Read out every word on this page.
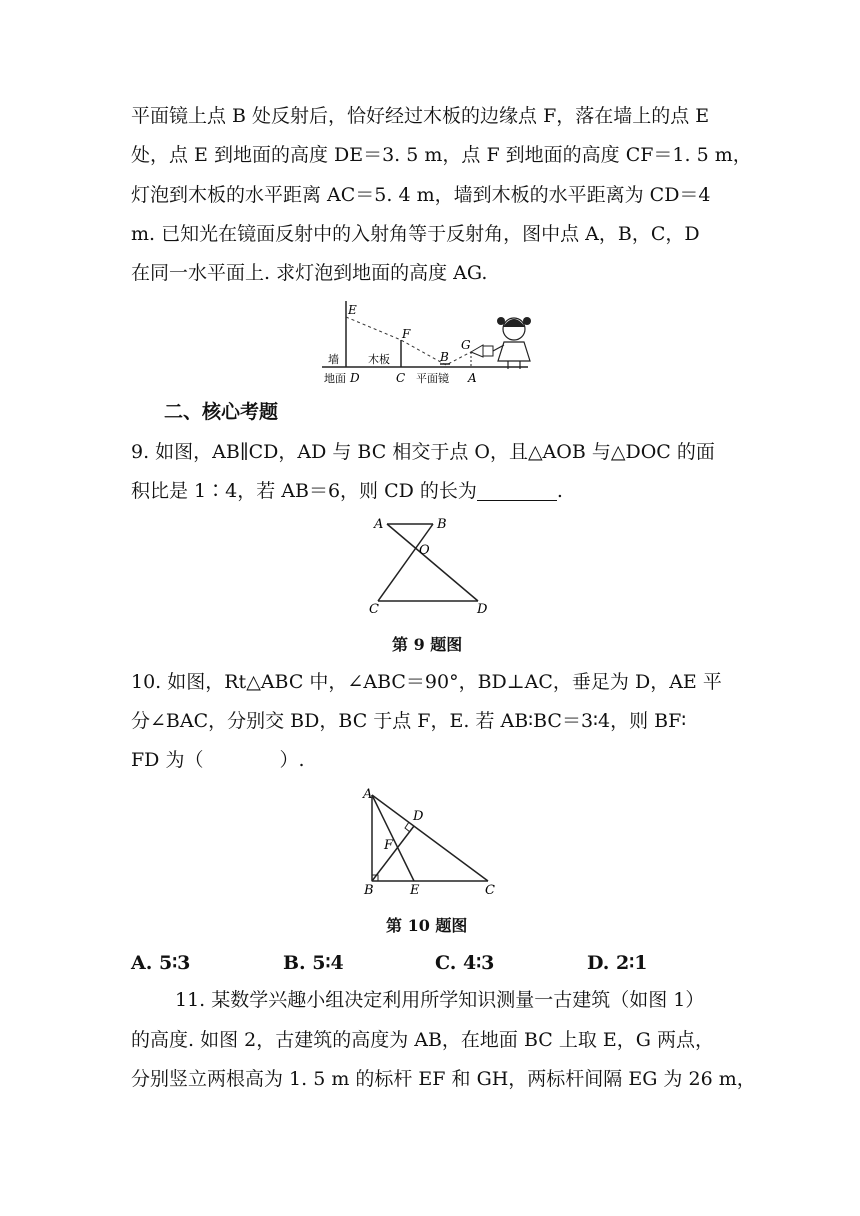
平面镜上点 B 处反射后，恰好经过木板的边缘点 F，落在墙上的点 E
处，点 E 到地面的高度 DE＝3. 5 m，点 F 到地面的高度 CF＝1. 5 m，
灯泡到木板的水平距离 AC＝5. 4 m，墙到木板的水平距离为 CD＝4
m. 已知光在镜面反射中的入射角等于反射角，图中点 A，B，C，D
在同一水平面上. 求灯泡到地面的高度 AG.
E
F
G
B
墙	木板
地面 D	C 平面镜 A
二、核心考题
9. 如图，AB∥CD，AD 与 BC 相交于点 O，且△AOB 与△DOC 的面
积比是 1∶4，若 AB＝6，则 CD 的长为	.
A	B
O
C	D
第 9 题图
10. 如图，Rt△ABC 中，∠ABC＝90°，BD⊥AC，垂足为 D，AE 平
分∠BAC，分别交 BD，BC 于点 F，E. 若 AB∶BC＝3∶4，则 BF∶
FD 为（　　　　）.
A
D
F
B	E	C
第 10 题图
A. 5∶3	B. 5∶4	C. 4∶3	D. 2∶1
11. 某数学兴趣小组决定利用所学知识测量一古建筑（如图 1）
的高度. 如图 2，古建筑的高度为 AB，在地面 BC 上取 E，G 两点，
分别竖立两根高为 1. 5 m 的标杆 EF 和 GH，两标杆间隔 EG 为 26 m，
